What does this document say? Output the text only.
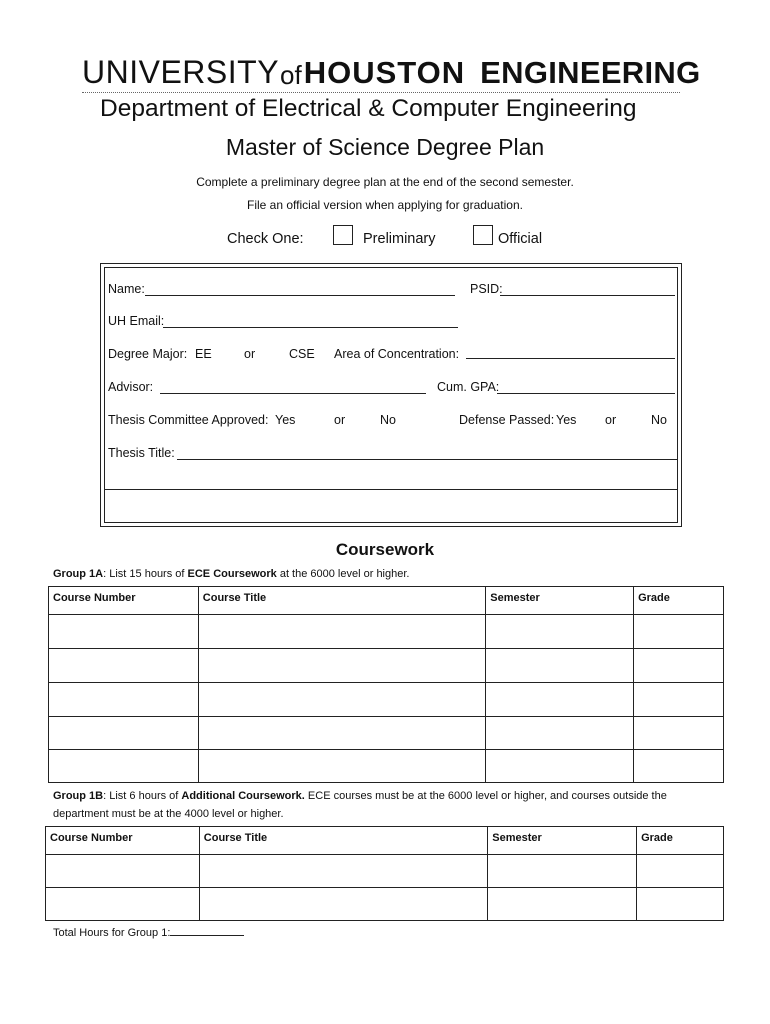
UNIVERSITY of HOUSTON ENGINEERING
Department of Electrical & Computer Engineering
Master of Science Degree Plan
Complete a preliminary degree plan at the end of the second semester.
File an official version when applying for graduation.
Check One:	Preliminary	Official
Name:	PSID:
UH Email:
Degree Major: EE	or	CSE Area of Concentration:
Advisor:	Cum. GPA:
Thesis Committee Approved: Yes	or	No	Defense Passed: Yes or	No
Thesis Title:
Coursework
Group 1A: List 15 hours of ECE Coursework at the 6000 level or higher.
Course Number	Course Title	Semester	Grade

Group 1B: List 6 hours of Additional Coursework. ECE courses must be at the 6000 level or higher, and courses outside the
department must be at the 4000 level or higher.
Course Number	Course Title	Semester	Grade

Total Hours for Group 1:
